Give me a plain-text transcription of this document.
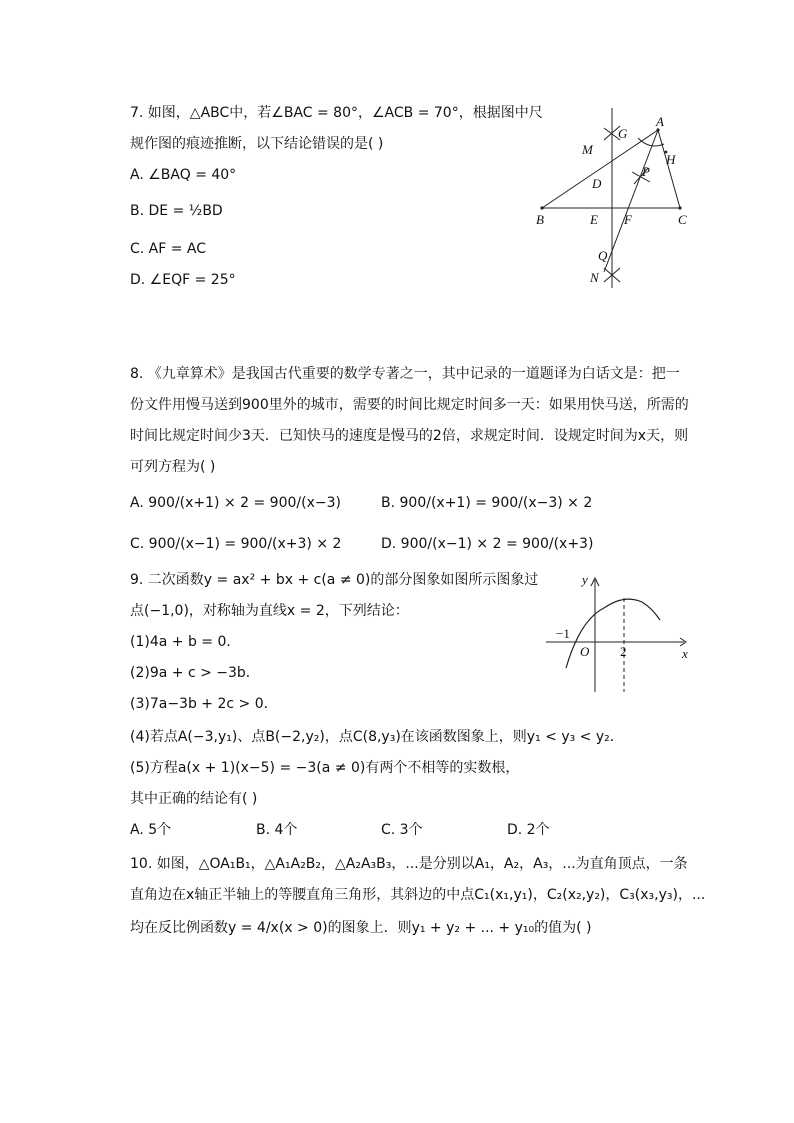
7. 如图，△ABC中，若∠BAC = 80°，∠ACB = 70°，根据图中尺
规作图的痕迹推断，以下结论错误的是( )
A. ∠BAQ = 40°
B. DE = ½BD
C. AF = AC
D. ∠EQF = 25°
A
B	C
D
E F
G
H
M
N
P
Q
8. 《九章算术》是我国古代重要的数学专著之一，其中记录的一道题译为白话文是：把一
份文件用慢马送到900里外的城市，需要的时间比规定时间多一天：如果用快马送，所需的
时间比规定时间少3天．已知快马的速度是慢马的2倍，求规定时间．设规定时间为x天，则
可列方程为( )
A. 900/(x+1) × 2 = 900/(x−3)	B. 900/(x+1) = 900/(x−3) × 2
C. 900/(x−1) = 900/(x+3) × 2	D. 900/(x−1) × 2 = 900/(x+3)
9. 二次函数y = ax² + bx + c(a ≠ 0)的部分图象如图所示图象过
点(−1,0)，对称轴为直线x = 2，下列结论：
(1)4a + b = 0．
(2)9a + c > −3b．
(3)7a−3b + 2c > 0．
(4)若点A(−3,y₁)、点B(−2,y₂)，点C(8,y₃)在该函数图象上，则y₁ < y₃ < y₂．
(5)方程a(x + 1)(x−5) = −3(a ≠ 0)有两个不相等的实数根，
其中正确的结论有( )
A. 5个	B. 4个	C. 3个	D. 2个
y
x
O
−1
2
10. 如图，△OA₁B₁，△A₁A₂B₂，△A₂A₃B₃，...是分别以A₁，A₂，A₃，...为直角顶点，一条
直角边在x轴正半轴上的等腰直角三角形，其斜边的中点C₁(x₁,y₁)，C₂(x₂,y₂)，C₃(x₃,y₃)，...
均在反比例函数y = 4/x(x > 0)的图象上．则y₁ + y₂ + ... + y₁₀的值为( )
